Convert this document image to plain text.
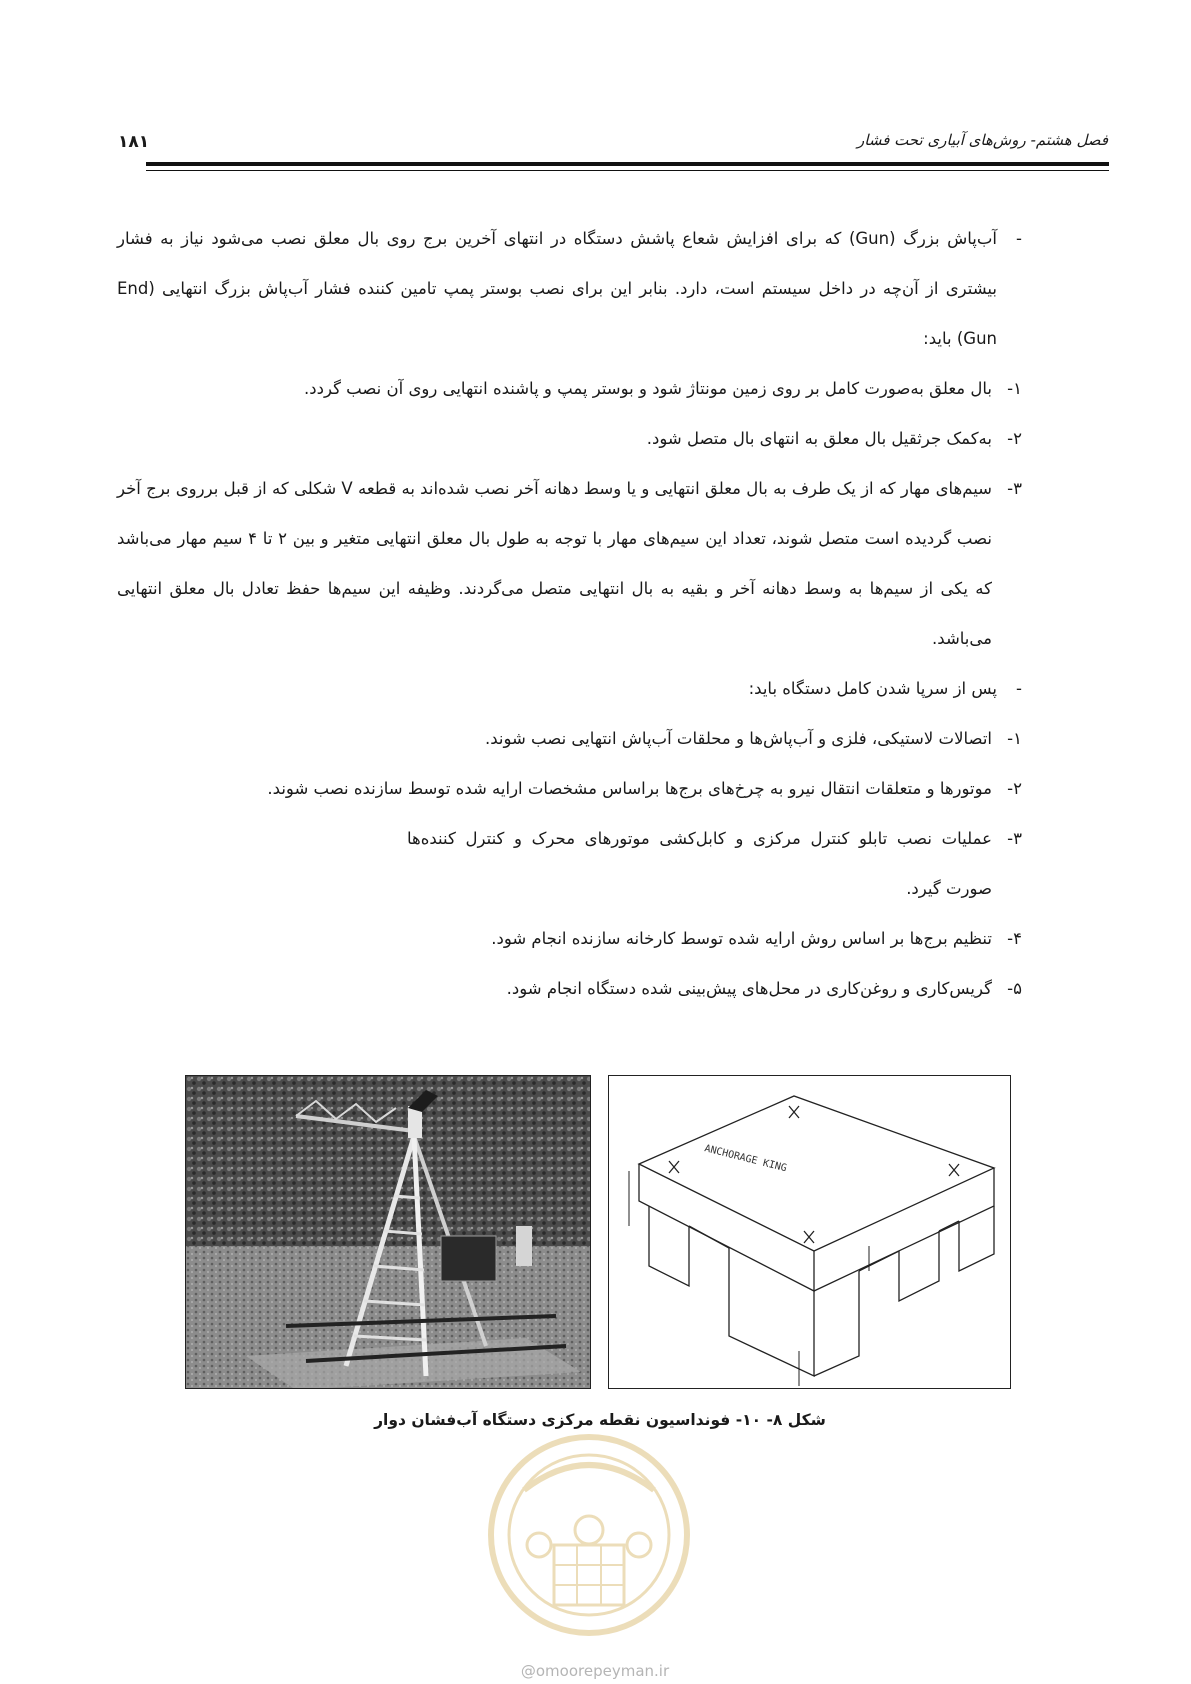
۱۸۱	فصل هشتم- روش‌های آبیاری تحت فشار

-
آب‌پاش بزرگ (Gun) که برای افزایش شعاع پاشش دستگاه در انتهای آخرین برج روی بال معلق نصب می‌شود نیاز به فشار بیشتری از آن‌چه در داخل سیستم است، دارد. بنابر این برای نصب بوستر پمپ تامین کننده فشار آب‌پاش بزرگ انتهایی (End Gun) باید:

۱-
بال معلق به‌صورت کامل بر روی زمین مونتاژ شود و بوستر پمپ و پاشنده انتهایی روی آن نصب گردد.

۲-
به‌کمک جرثقیل بال معلق به انتهای بال متصل شود.

۳-
سیم‌های مهار که از یک طرف به بال معلق انتهایی و یا وسط دهانه آخر نصب شده‌اند به قطعه V شکلی که از قبل برروی برج آخر نصب گردیده است متصل شوند، تعداد این سیم‌های مهار با توجه به طول بال معلق انتهایی متغیر و بین ۲ تا ۴ سیم مهار می‌باشد که یکی از سیم‌ها به وسط دهانه آخر و بقیه به بال انتهایی متصل می‌گردند. وظیفه این سیم‌ها حفظ تعادل بال معلق انتهایی می‌باشد.

-
پس از سرپا شدن کامل دستگاه باید:

۱-
اتصالات لاستیکی، فلزی و آب‌پاش‌ها و محلقات آب‌پاش انتهایی نصب شوند.

۲-
موتورها و متعلقات انتقال نیرو به چرخ‌های برج‌ها براساس مشخصات ارایه شده توسط سازنده نصب شوند.

۳-
عملیات نصب تابلو کنترل مرکزی و کابل‌کشی موتورهای محرک و کنترل کننده‌ها صورت گیرد.

۴-
تنظیم برج‌ها بر اساس روش ارایه شده توسط کارخانه سازنده انجام شود.

۵-
گریس‌کاری و روغن‌کاری در محل‌های پیش‌بینی شده دستگاه انجام شود.

ANCHORAGE KING
شکل ۸- ۱۰- فونداسیون نقطه مرکزی دستگاه آب‌فشان دوار
@omoorepeyman.ir
